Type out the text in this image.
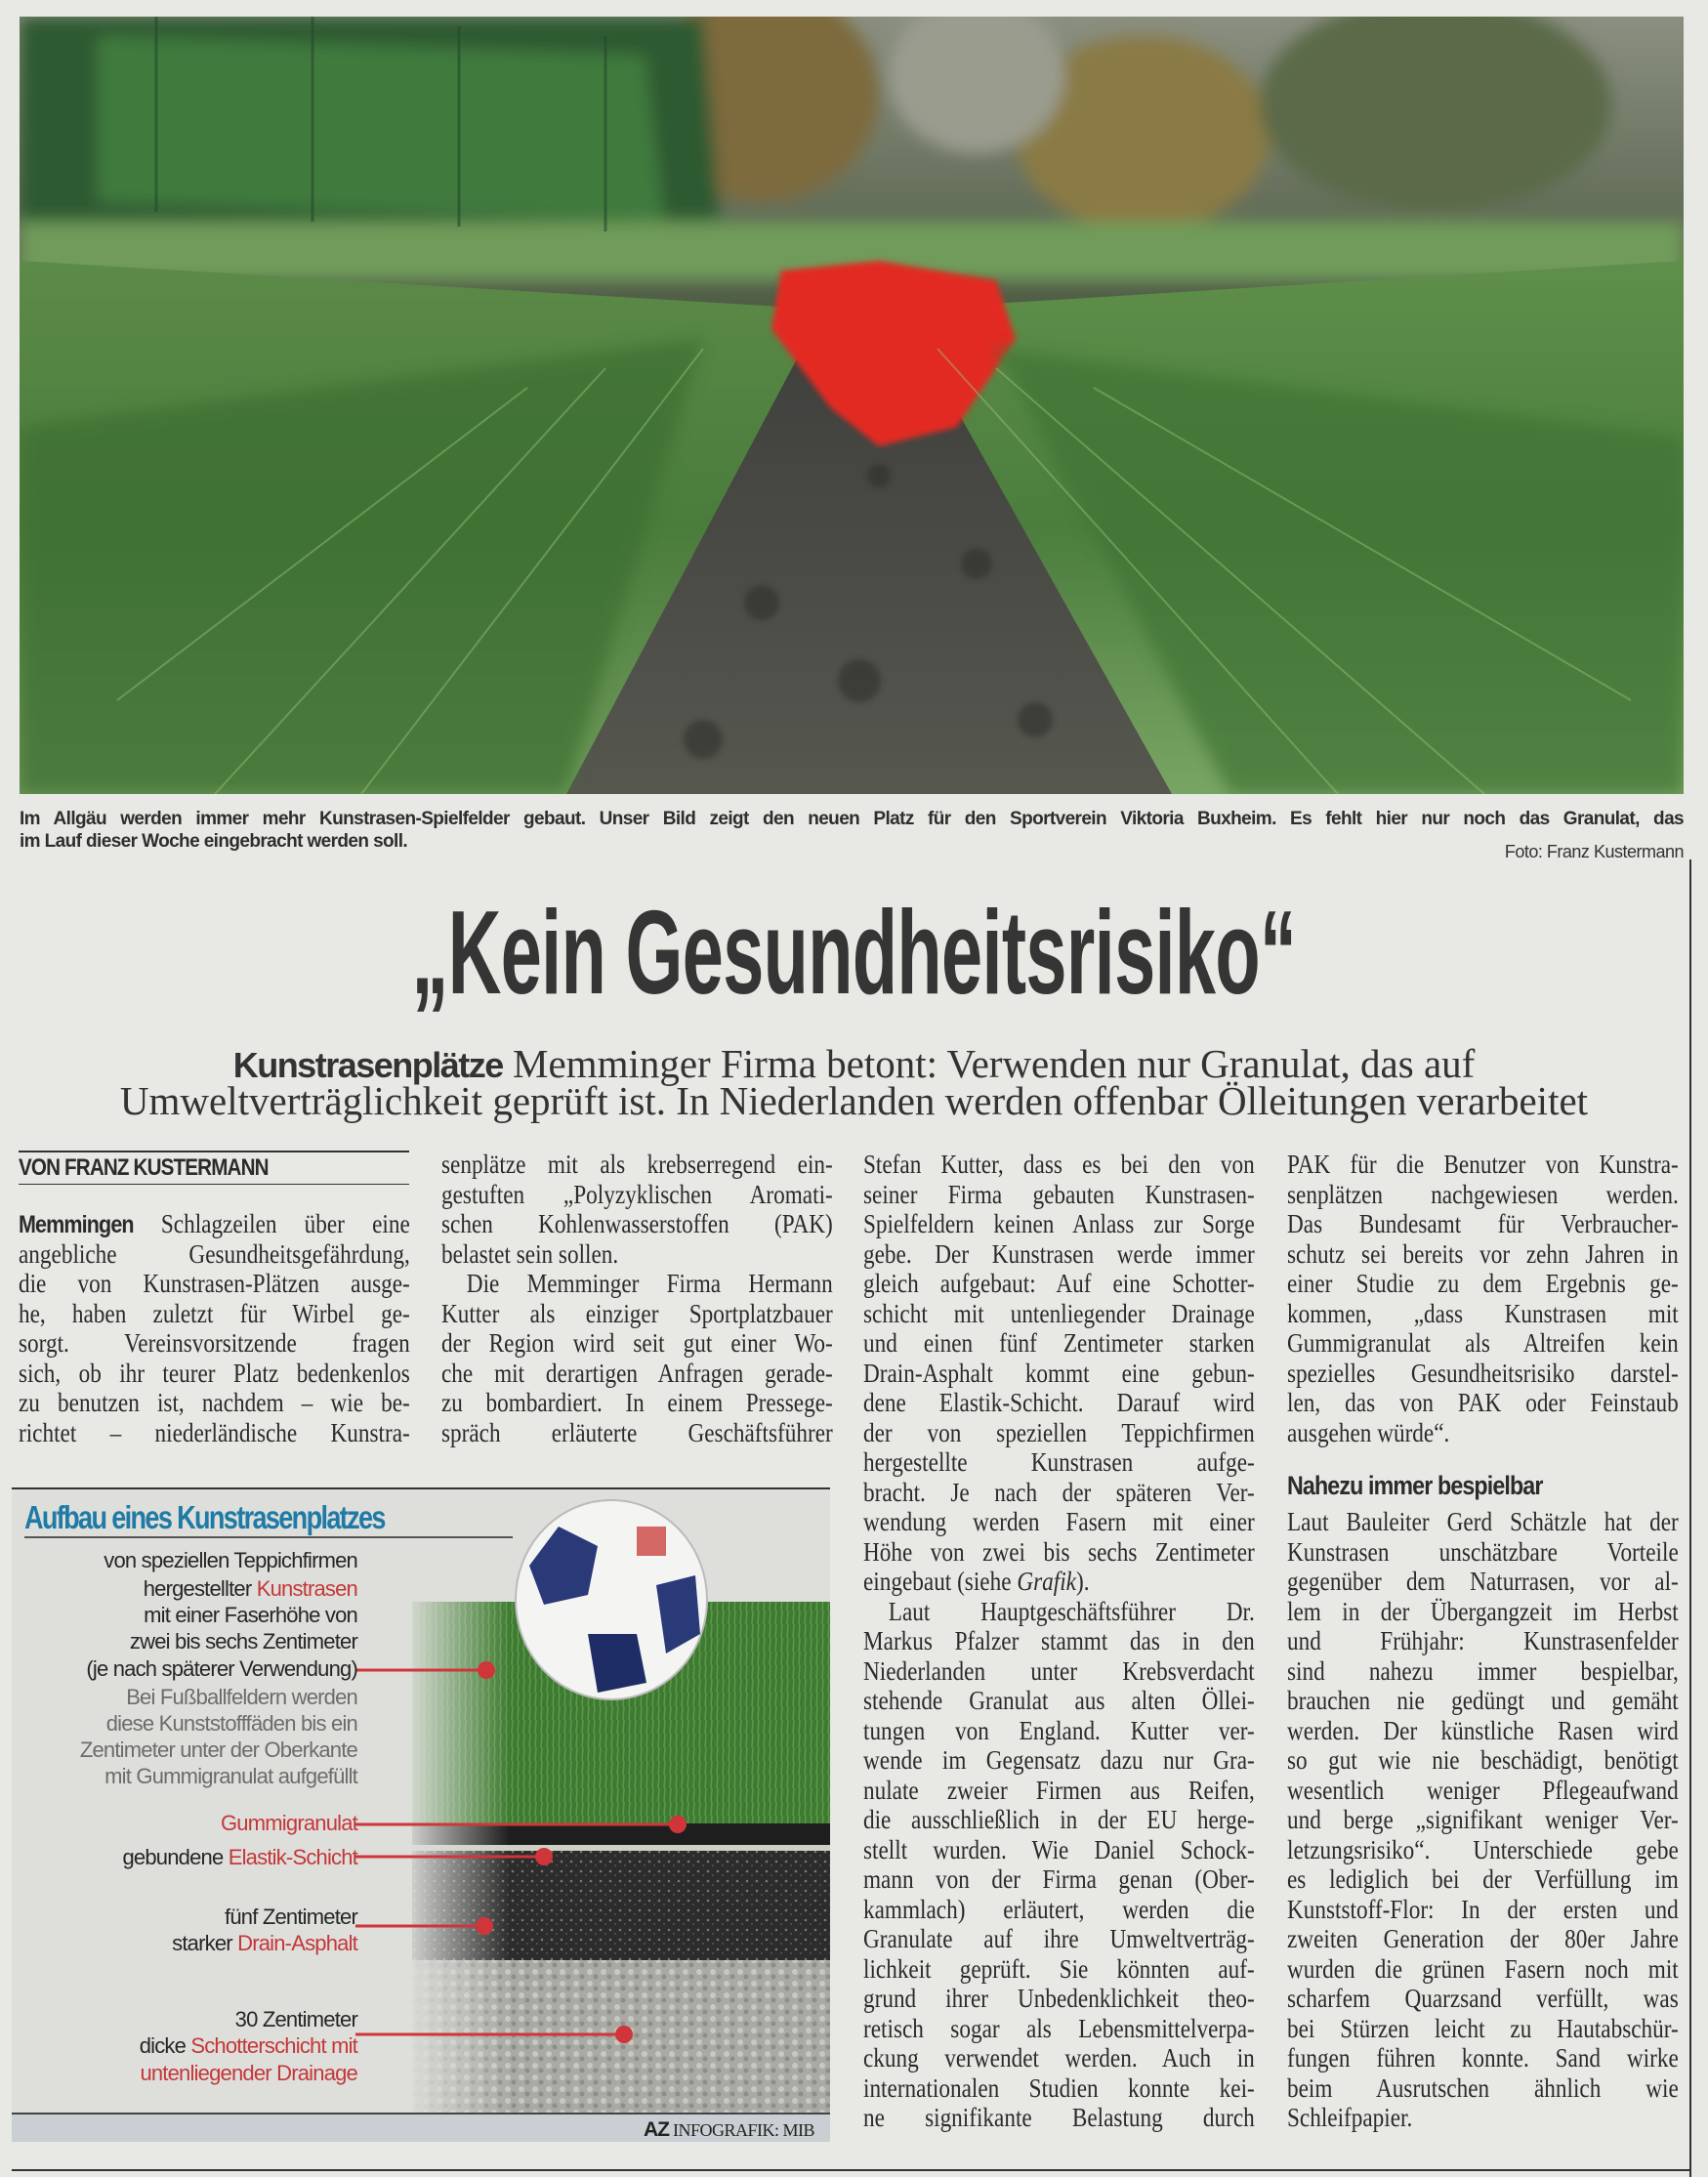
Im Allgäu werden immer mehr Kunstrasen-Spielfelder gebaut. Unser Bild zeigt den neuen Platz für den Sportverein Viktoria Buxheim. Es fehlt hier nur noch das Granulat, das
im Lauf dieser Woche eingebracht werden soll.	Foto: Franz Kustermann
„Kein Gesundheitsrisiko“
Kunstrasenplätze Memminger Firma betont: Verwenden nur Granulat, das auf
Umweltverträglichkeit geprüft ist. In Niederlanden werden offenbar Ölleitungen verarbeitet
VON FRANZ KUSTERMANN
Memmingen Schlagzeilen über eine
angebliche Gesundheitsgefährdung,
die von Kunstrasen-Plätzen ausge-
he, haben zuletzt für Wirbel ge-
sorgt. Vereinsvorsitzende fragen
sich, ob ihr teurer Platz bedenkenlos
zu benutzen ist, nachdem – wie be-
richtet – niederländische Kunstra-
senplätze mit als krebserregend ein-
gestuften „Polyzyklischen Aromati-
schen Kohlenwasserstoffen (PAK)
belastet sein sollen.
Die Memminger Firma Hermann
Kutter als einziger Sportplatzbauer
der Region wird seit gut einer Wo-
che mit derartigen Anfragen gerade-
zu bombardiert. In einem Pressege-
spräch erläuterte Geschäftsführer
Stefan Kutter, dass es bei den von
seiner Firma gebauten Kunstrasen-
Spielfeldern keinen Anlass zur Sorge
gebe. Der Kunstrasen werde immer
gleich aufgebaut: Auf eine Schotter-
schicht mit untenliegender Drainage
und einen fünf Zentimeter starken
Drain-Asphalt kommt eine gebun-
dene Elastik-Schicht. Darauf wird
der von speziellen Teppichfirmen
hergestellte Kunstrasen aufge-
bracht. Je nach der späteren Ver-
wendung werden Fasern mit einer
Höhe von zwei bis sechs Zentimeter
eingebaut (siehe Grafik).
Laut Hauptgeschäftsführer Dr.
Markus Pfalzer stammt das in den
Niederlanden unter Krebsverdacht
stehende Granulat aus alten Öllei-
tungen von England. Kutter ver-
wende im Gegensatz dazu nur Gra-
nulate zweier Firmen aus Reifen,
die ausschließlich in der EU herge-
stellt wurden. Wie Daniel Schock-
mann von der Firma genan (Ober-
kammlach) erläutert, werden die
Granulate auf ihre Umweltverträg-
lichkeit geprüft. Sie könnten auf-
grund ihrer Unbedenklichkeit theo-
retisch sogar als Lebensmittelverpa-
ckung verwendet werden. Auch in
internationalen Studien konnte kei-
ne signifikante Belastung durch
PAK für die Benutzer von Kunstra-
senplätzen nachgewiesen werden.
Das Bundesamt für Verbraucher-
schutz sei bereits vor zehn Jahren in
einer Studie zu dem Ergebnis ge-
kommen, „dass Kunstrasen mit
Gummigranulat als Altreifen kein
spezielles Gesundheitsrisiko darstel-
len, das von PAK oder Feinstaub
ausgehen würde“.
Nahezu immer bespielbar
Laut Bauleiter Gerd Schätzle hat der
Kunstrasen unschätzbare Vorteile
gegenüber dem Naturrasen, vor al-
lem in der Übergangzeit im Herbst
und Frühjahr: Kunstrasenfelder
sind nahezu immer bespielbar,
brauchen nie gedüngt und gemäht
werden. Der künstliche Rasen wird
so gut wie nie beschädigt, benötigt
wesentlich weniger Pflegeaufwand
und berge „signifikant weniger Ver-
letzungsrisiko“. Unterschiede gebe
es lediglich bei der Verfüllung im
Kunststoff-Flor: In der ersten und
zweiten Generation der 80er Jahre
wurden die grünen Fasern noch mit
scharfem Quarzsand verfüllt, was
bei Stürzen leicht zu Hautabschür-
fungen führen konnte. Sand wirke
beim Ausrutschen ähnlich wie
Schleifpapier.
Aufbau eines Kunstrasenplatzes
von speziellen Teppichfirmen
hergestellter Kunstrasen
mit einer Faserhöhe von
zwei bis sechs Zentimeter
(je nach späterer Verwendung)
Bei Fußballfeldern werden
diese Kunststofffäden bis ein
Zentimeter unter der Oberkante
mit Gummigranulat aufgefüllt
Gummigranulat
gebundene Elastik-Schicht
fünf Zentimeter
starker Drain-Asphalt
30 Zentimeter
dicke Schotterschicht mit
untenliegender Drainage
AZ INFOGRAFIK: MIB
